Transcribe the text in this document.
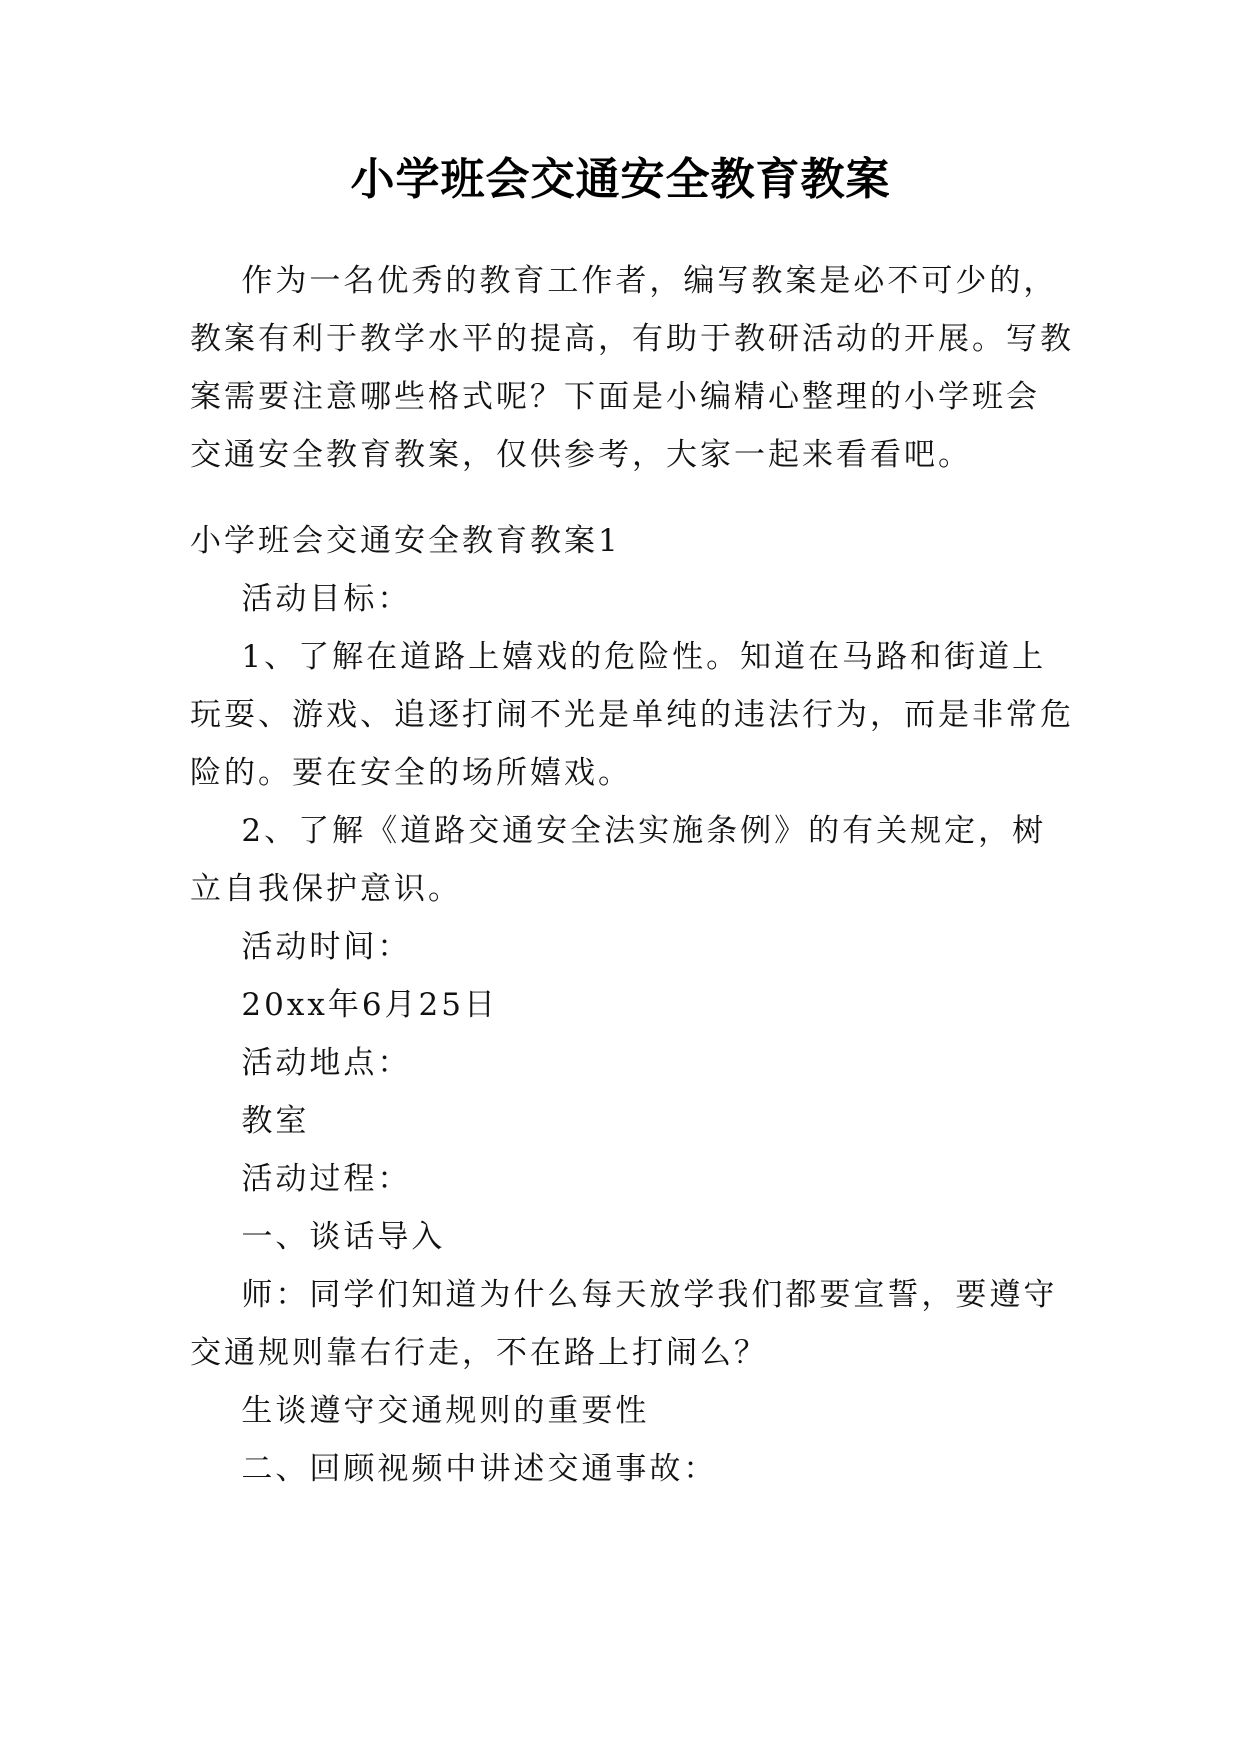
小学班会交通安全教育教案
作为一名优秀的教育工作者，编写教案是必不可少的，
教案有利于教学水平的提高，有助于教研活动的开展。写教
案需要注意哪些格式呢？下面是小编精心整理的小学班会
交通安全教育教案，仅供参考，大家一起来看看吧。
小学班会交通安全教育教案1
活动目标：
1、了解在道路上嬉戏的危险性。知道在马路和街道上
玩耍、游戏、追逐打闹不光是单纯的违法行为，而是非常危
险的。要在安全的场所嬉戏。
2、了解《道路交通安全法实施条例》的有关规定，树
立自我保护意识。
活动时间：
20xx年6月25日
活动地点：
教室
活动过程：
一、谈话导入
师：同学们知道为什么每天放学我们都要宣誓，要遵守
交通规则靠右行走，不在路上打闹么？
生谈遵守交通规则的重要性
二、回顾视频中讲述交通事故：
